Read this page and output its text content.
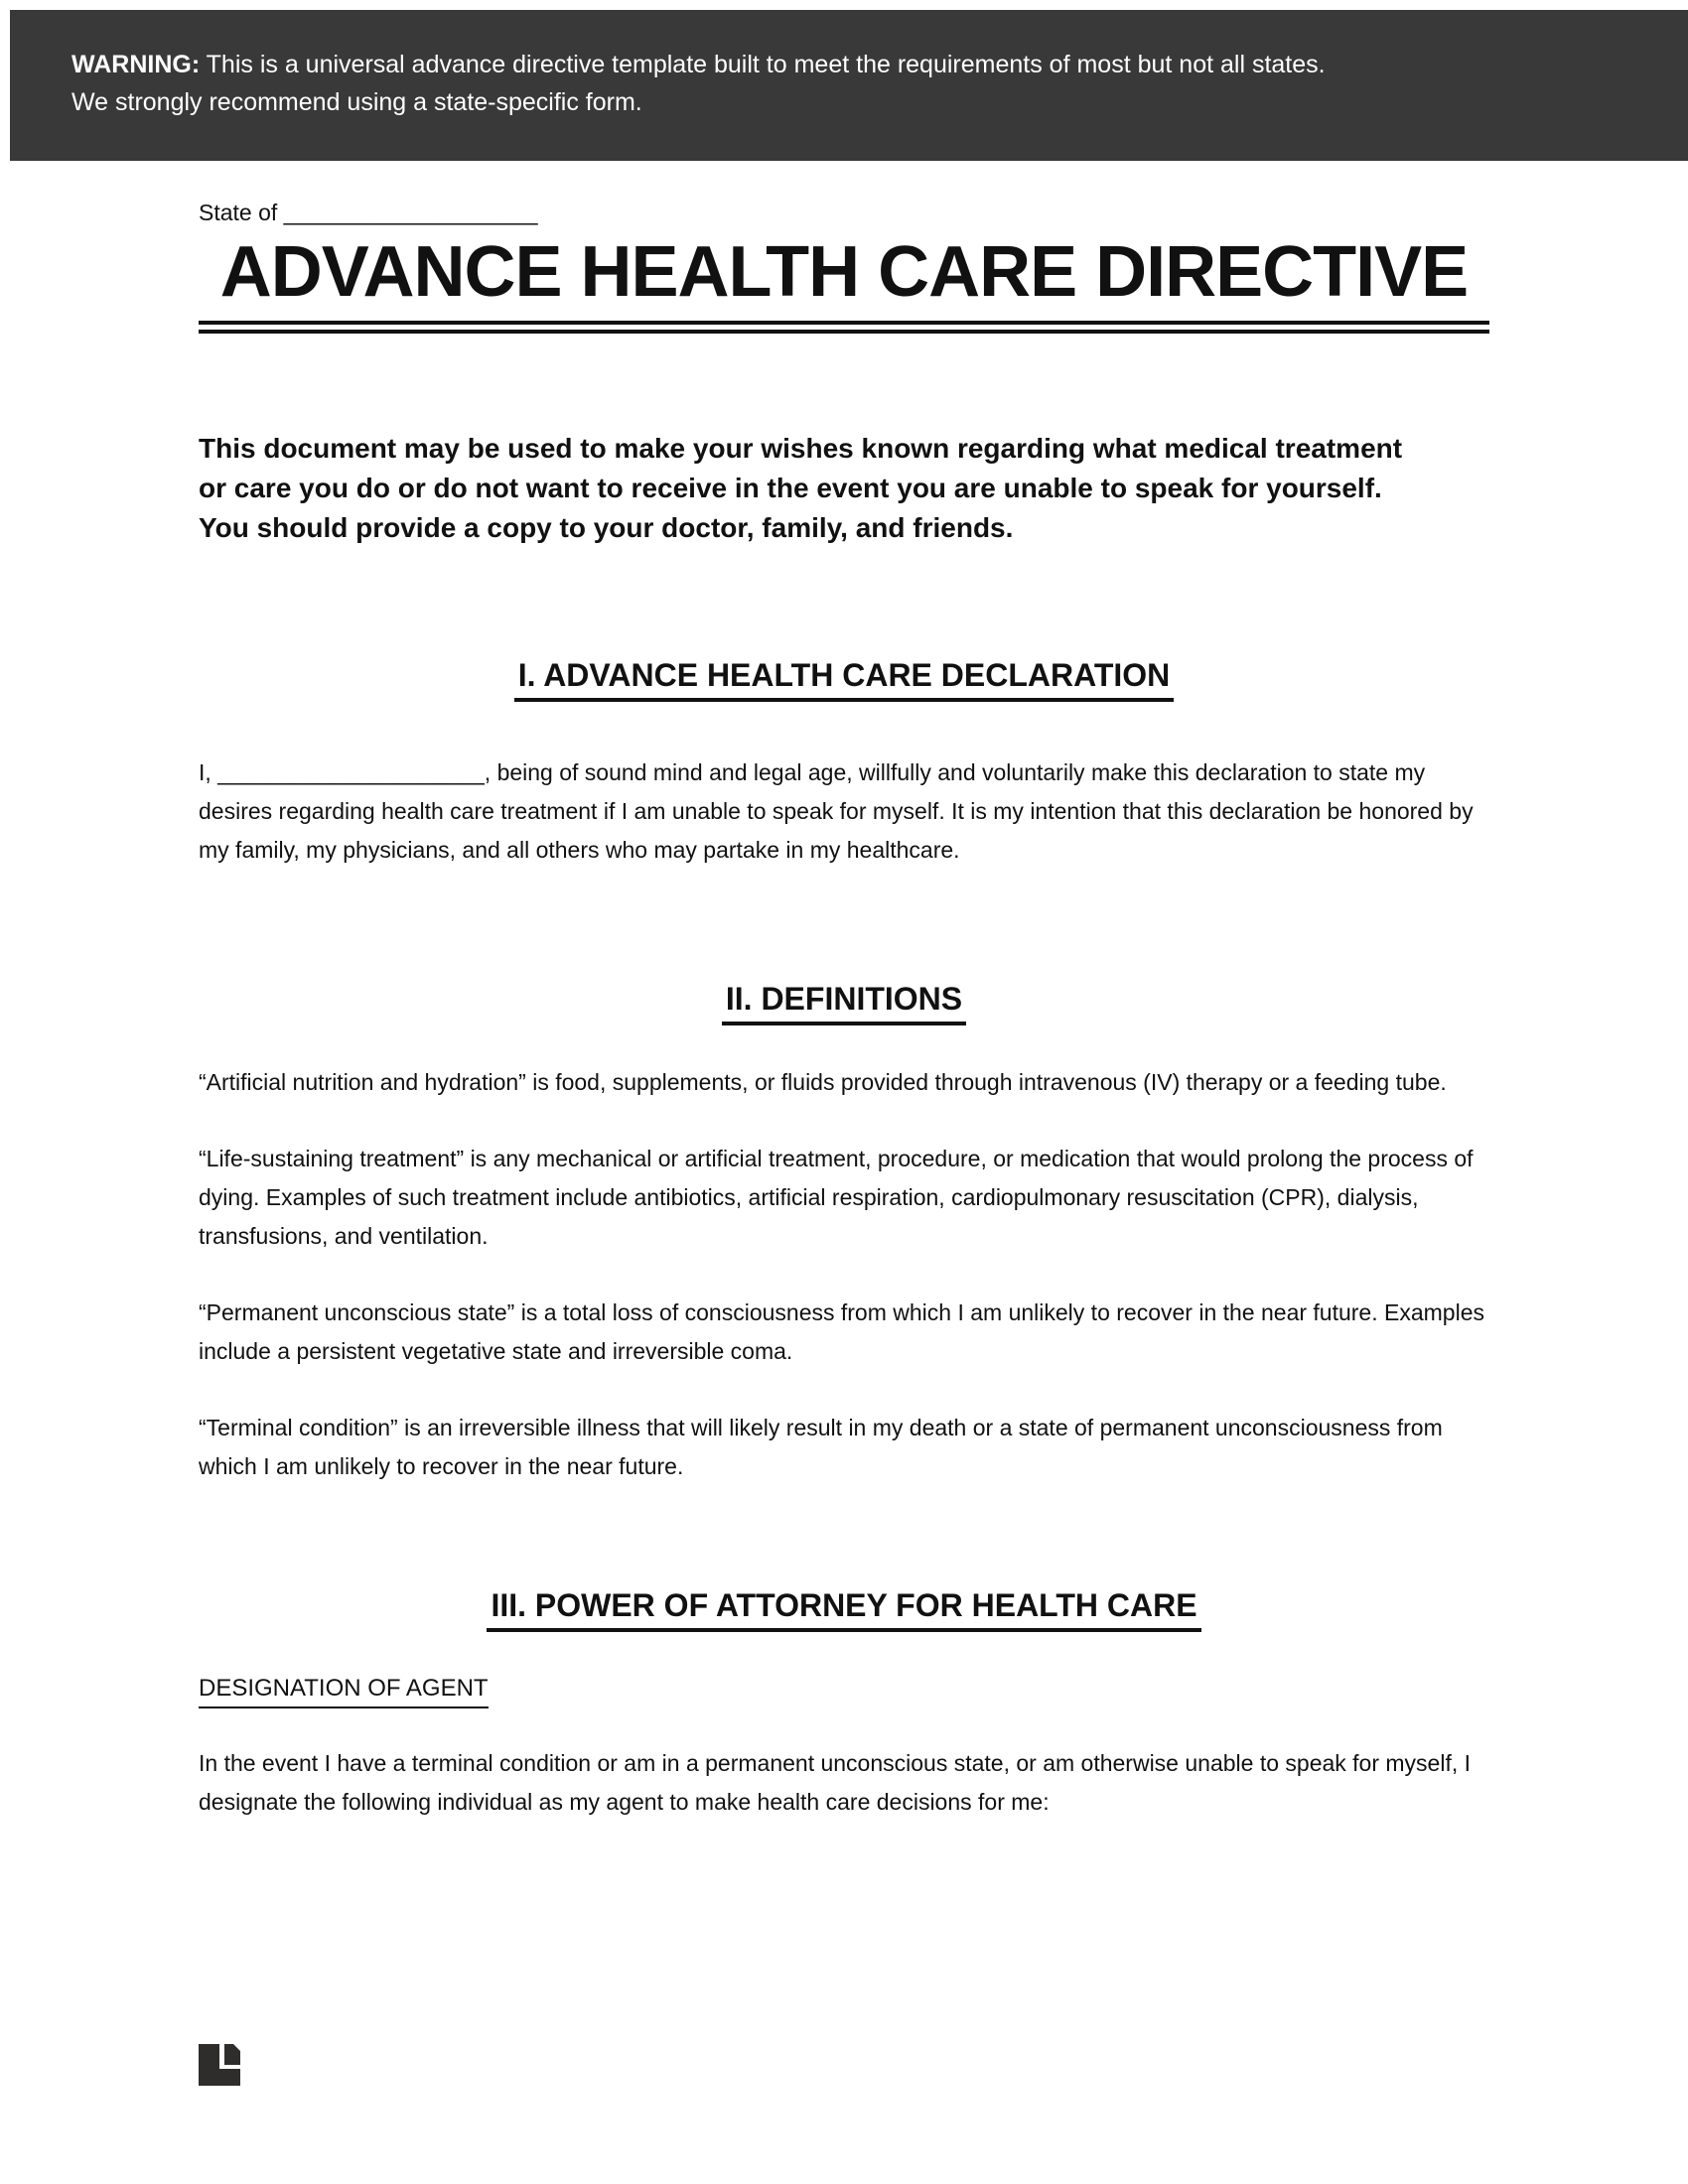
WARNING: This is a universal advance directive template built to meet the requirements of most but not all states. We strongly recommend using a state-specific form.

State of ____________________

ADVANCE HEALTH CARE DIRECTIVE

This document may be used to make your wishes known regarding what medical treatment or care you do or do not want to receive in the event you are unable to speak for yourself. You should provide a copy to your doctor, family, and friends.

I. ADVANCE HEALTH CARE DECLARATION

I, _____________________, being of sound mind and legal age, willfully and voluntarily make this declaration to state my desires regarding health care treatment if I am unable to speak for myself. It is my intention that this declaration be honored by my family, my physicians, and all others who may partake in my healthcare.

II. DEFINITIONS

“Artificial nutrition and hydration” is food, supplements, or fluids provided through intravenous (IV) therapy or a feeding tube.

“Life-sustaining treatment” is any mechanical or artificial treatment, procedure, or medication that would prolong the process of dying. Examples of such treatment include antibiotics, artificial respiration, cardiopulmonary resuscitation (CPR), dialysis, transfusions, and ventilation.

“Permanent unconscious state” is a total loss of consciousness from which I am unlikely to recover in the near future. Examples include a persistent vegetative state and irreversible coma.

“Terminal condition” is an irreversible illness that will likely result in my death or a state of permanent unconsciousness from which I am unlikely to recover in the near future.

III. POWER OF ATTORNEY FOR HEALTH CARE
DESIGNATION OF AGENT

In the event I have a terminal condition or am in a permanent unconscious state, or am otherwise unable to speak for myself, I designate the following individual as my agent to make health care decisions for me:
